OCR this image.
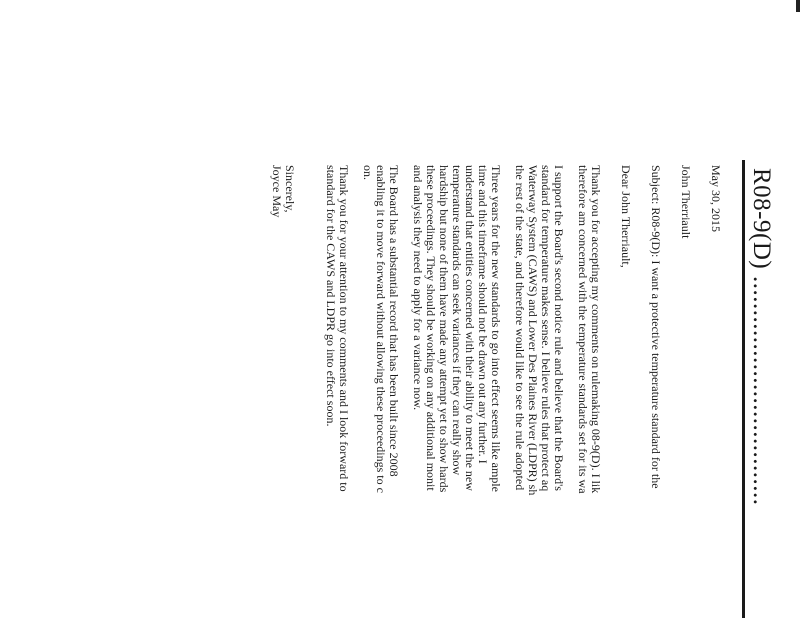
R08-9(D) ..................................
May 30, 2015
John Therriault
Subject: R08-9(D): I want a protective temperature standard for the
Dear John Therriault,
Thank you for accepting my comments on rulemaking 08-9(D). I lik
therefore am concerned with the temperature standards set for its wa
I support the Board's second notice rule and believe that the Board's
standard for temperature makes sense. I believe rules that protect aq
Waterway System (CAWS) and Lower Des Plaines River (LDPR) sh
the rest of the state, and therefore would like to see the rule adopted
Three years for the new standards to go into effect seems like ample
time and this timeframe should not be drawn out any further. I
understand that entities concerned with their ability to meet the new
temperature standards can seek variances if they can really show
hardship but none of them have made any attempt yet to show hards
these proceedings. They should be working on any additional monit
and analysis they need to apply for a variance now.
The Board has a substantial record that has been built since 2008
enabling it to move forward without allowing these proceedings to c
on.
Thank you for your attention to my comments and I look forward to
standard for the CAWS and LDPR go into effect soon.
Sincerely,
Joyce May
